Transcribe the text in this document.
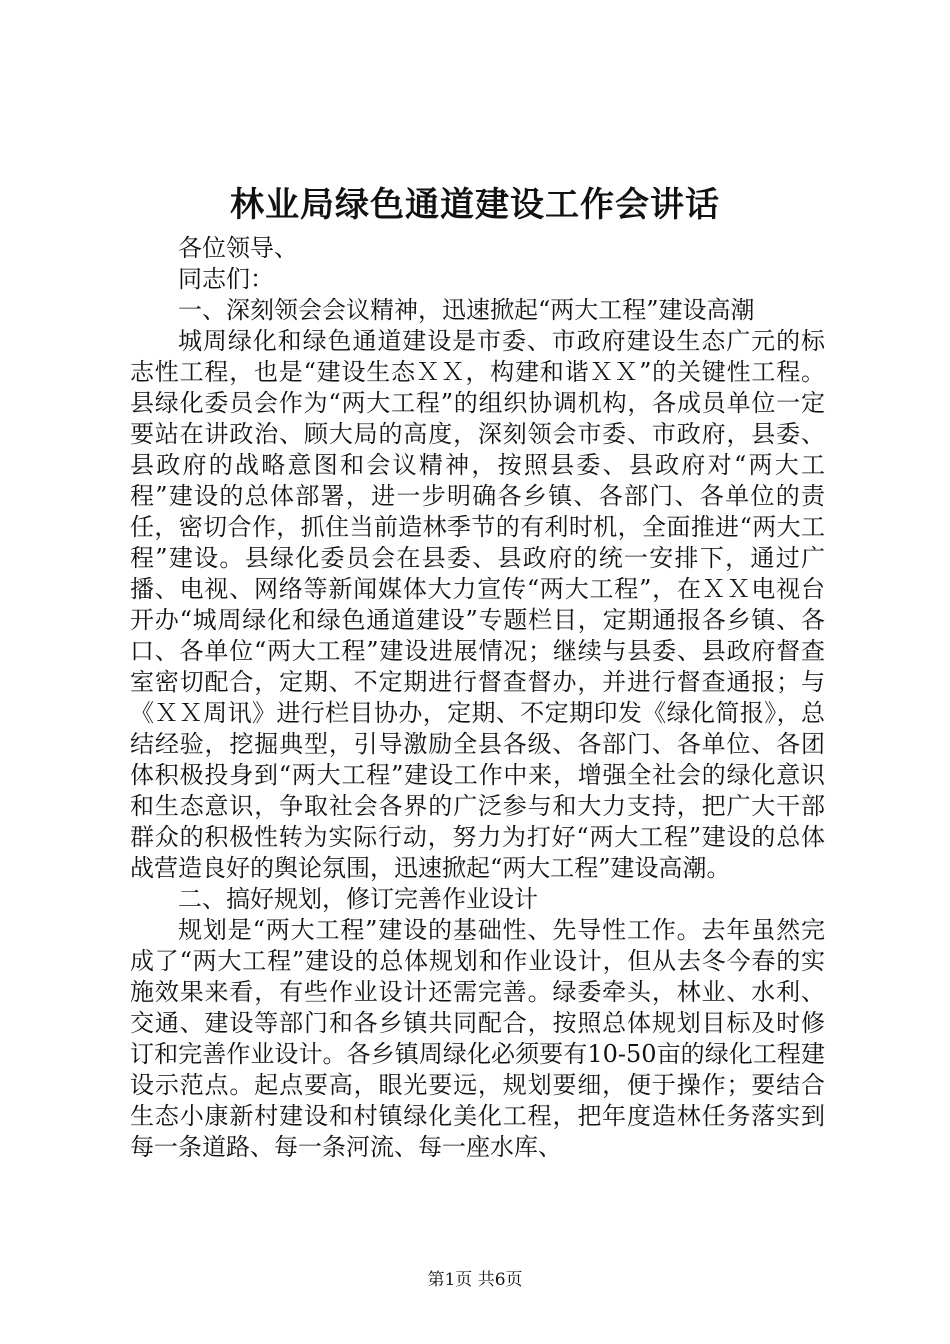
林业局绿色通道建设工作会讲话

各位领导、

同志们：

一、深刻领会会议精神，迅速掀起“两大工程”建设高潮

城周绿化和绿色通道建设是市委、市政府建设生态广元的标志性工程，也是“建设生态ＸＸ，构建和谐ＸＸ”的关键性工程。县绿化委员会作为“两大工程”的组织协调机构，各成员单位一定要站在讲政治、顾大局的高度，深刻领会市委、市政府，县委、县政府的战略意图和会议精神，按照县委、县政府对“两大工程”建设的总体部署，进一步明确各乡镇、各部门、各单位的责任，密切合作，抓住当前造林季节的有利时机，全面推进“两大工程”建设。县绿化委员会在县委、县政府的统一安排下，通过广播、电视、网络等新闻媒体大力宣传“两大工程”，在ＸＸ电视台开办“城周绿化和绿色通道建设”专题栏目，定期通报各乡镇、各口、各单位“两大工程”建设进展情况；继续与县委、县政府督查室密切配合，定期、不定期进行督查督办，并进行督查通报；与《ＸＸ周讯》进行栏目协办，定期、不定期印发《绿化简报》，总结经验，挖掘典型，引导激励全县各级、各部门、各单位、各团体积极投身到“两大工程”建设工作中来，增强全社会的绿化意识和生态意识，争取社会各界的广泛参与和大力支持，把广大干部群众的积极性转为实际行动，努力为打好“两大工程”建设的总体战营造良好的舆论氛围，迅速掀起“两大工程”建设高潮。

二、搞好规划，修订完善作业设计

规划是“两大工程”建设的基础性、先导性工作。去年虽然完成了“两大工程”建设的总体规划和作业设计，但从去冬今春的实施效果来看，有些作业设计还需完善。绿委牵头，林业、水利、交通、建设等部门和各乡镇共同配合，按照总体规划目标及时修订和完善作业设计。各乡镇周绿化必须要有10-50亩的绿化工程建设示范点。起点要高，眼光要远，规划要细，便于操作；要结合生态小康新村建设和村镇绿化美化工程，把年度造林任务落实到每一条道路、每一条河流、每一座水库、

第1页 共6页
